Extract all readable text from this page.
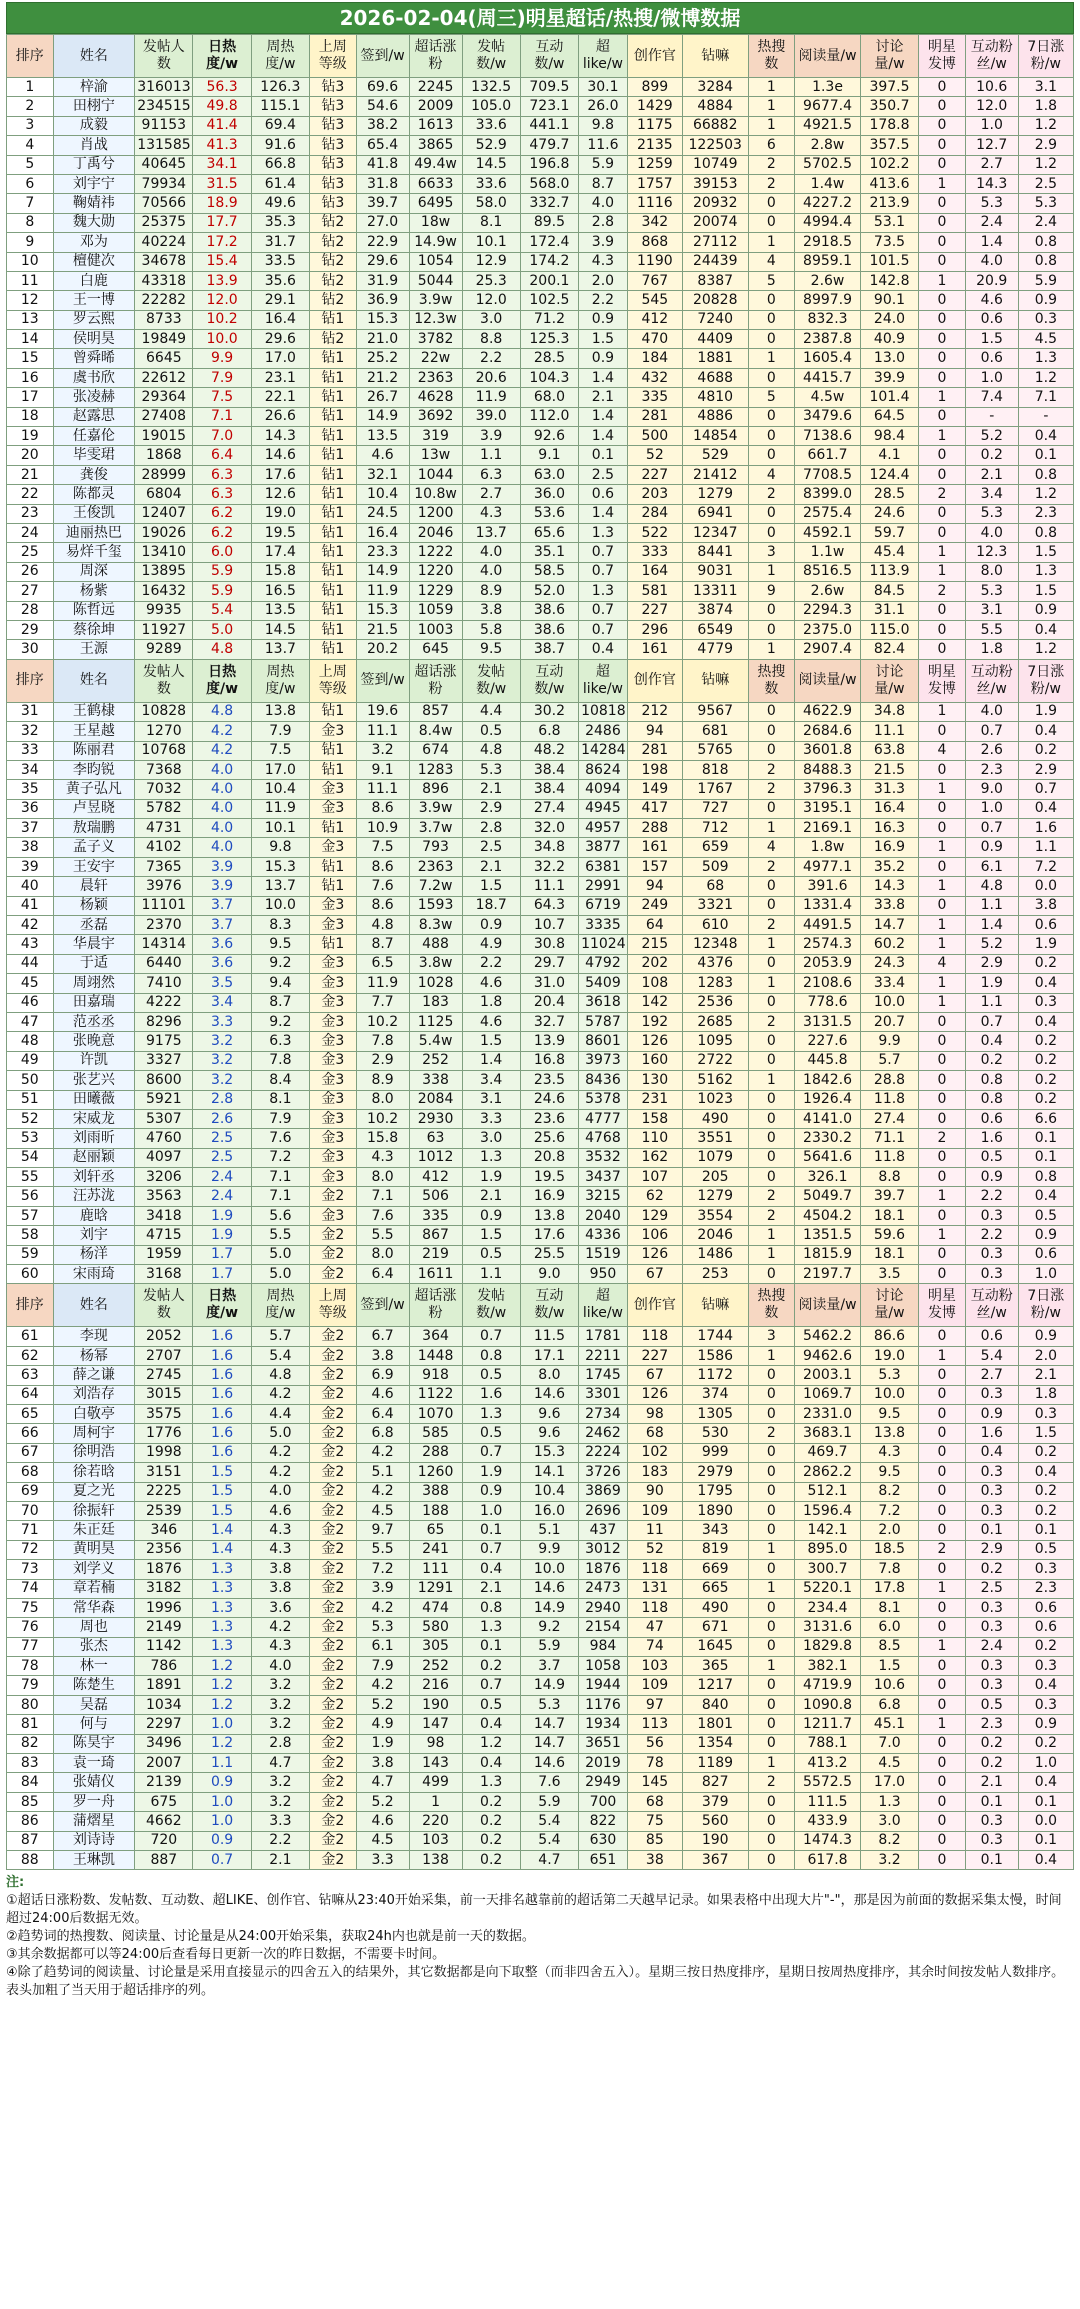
2026-02-04(周三)明星超话/热搜/微博数据
排序	姓名	发帖人数	日热度/w	周热度/w	上周等级	签到/w	超话涨粉	发帖数/w	互动数/w	超like/w	创作官	钻嘛	热搜数	阅读量/w	讨论量/w	明星发博	互动粉丝/w	7日涨粉/w
1	梓渝	316013	56.3	126.3	钻3	69.6	2245	132.5	709.5	30.1	899	3284	1	1.3e	397.5	0	10.6	3.1
2	田栩宁	234515	49.8	115.1	钻3	54.6	2009	105.0	723.1	26.0	1429	4884	1	9677.4	350.7	0	12.0	1.8
3	成毅	91153	41.4	69.4	钻3	38.2	1613	33.6	441.1	9.8	1175	66882	1	4921.5	178.8	0	1.0	1.2
4	肖战	131585	41.3	91.6	钻3	65.4	3865	52.9	479.7	11.6	2135	122503	6	2.8w	357.5	0	12.7	2.9
5	丁禹兮	40645	34.1	66.8	钻3	41.8	49.4w	14.5	196.8	5.9	1259	10749	2	5702.5	102.2	0	2.7	1.2
6	刘宇宁	79934	31.5	61.4	钻3	31.8	6633	33.6	568.0	8.7	1757	39153	2	1.4w	413.6	1	14.3	2.5
7	鞠婧祎	70566	18.9	49.6	钻3	39.7	6495	58.0	332.7	4.0	1116	20932	0	4227.2	213.9	0	5.3	5.3
8	魏大勋	25375	17.7	35.3	钻2	27.0	18w	8.1	89.5	2.8	342	20074	0	4994.4	53.1	0	2.4	2.4
9	邓为	40224	17.2	31.7	钻2	22.9	14.9w	10.1	172.4	3.9	868	27112	1	2918.5	73.5	0	1.4	0.8
10	檀健次	34678	15.4	33.5	钻2	29.6	1054	12.9	174.2	4.3	1190	24439	4	8959.1	101.5	0	4.0	0.8
11	白鹿	43318	13.9	35.6	钻2	31.9	5044	25.3	200.1	2.0	767	8387	5	2.6w	142.8	1	20.9	5.9
12	王一博	22282	12.0	29.1	钻2	36.9	3.9w	12.0	102.5	2.2	545	20828	0	8997.9	90.1	0	4.6	0.9
13	罗云熙	8733	10.2	16.4	钻1	15.3	12.3w	3.0	71.2	0.9	412	7240	0	832.3	24.0	0	0.6	0.3
14	侯明昊	19849	10.0	29.6	钻2	21.0	3782	8.8	125.3	1.5	470	4409	0	2387.8	40.9	0	1.5	4.5
15	曾舜晞	6645	9.9	17.0	钻1	25.2	22w	2.2	28.5	0.9	184	1881	1	1605.4	13.0	0	0.6	1.3
16	虞书欣	22612	7.9	23.1	钻1	21.2	2363	20.6	104.3	1.4	432	4688	0	4415.7	39.9	0	1.0	1.2
17	张凌赫	29364	7.5	22.1	钻1	26.7	4628	11.9	68.0	2.1	335	4810	5	4.5w	101.4	1	7.4	7.1
18	赵露思	27408	7.1	26.6	钻1	14.9	3692	39.0	112.0	1.4	281	4886	0	3479.6	64.5	0	-	-
19	任嘉伦	19015	7.0	14.3	钻1	13.5	319	3.9	92.6	1.4	500	14854	0	7138.6	98.4	1	5.2	0.4
20	毕雯珺	1868	6.4	14.6	钻1	4.6	13w	1.1	9.1	0.1	52	529	0	661.7	4.1	0	0.2	0.1
21	龚俊	28999	6.3	17.6	钻1	32.1	1044	6.3	63.0	2.5	227	21412	4	7708.5	124.4	0	2.1	0.8
22	陈都灵	6804	6.3	12.6	钻1	10.4	10.8w	2.7	36.0	0.6	203	1279	2	8399.0	28.5	2	3.4	1.2
23	王俊凯	12407	6.2	19.0	钻1	24.5	1200	4.3	53.6	1.4	284	6941	0	2575.4	24.6	0	5.3	2.3
24	迪丽热巴	19026	6.2	19.5	钻1	16.4	2046	13.7	65.6	1.3	522	12347	0	4592.1	59.7	0	4.0	0.8
25	易烊千玺	13410	6.0	17.4	钻1	23.3	1222	4.0	35.1	0.7	333	8441	3	1.1w	45.4	1	12.3	1.5
26	周深	13895	5.9	15.8	钻1	14.9	1220	4.0	58.5	0.7	164	9031	1	8516.5	113.9	1	8.0	1.3
27	杨紫	16432	5.9	16.5	钻1	11.9	1229	8.9	52.0	1.3	581	13311	9	2.6w	84.5	2	5.3	1.5
28	陈哲远	9935	5.4	13.5	钻1	15.3	1059	3.8	38.6	0.7	227	3874	0	2294.3	31.1	0	3.1	0.9
29	蔡徐坤	11927	5.0	14.5	钻1	21.5	1003	5.8	38.6	0.7	296	6549	0	2375.0	115.0	0	5.5	0.4
30	王源	9289	4.8	13.7	钻1	20.2	645	9.5	38.7	0.4	161	4779	1	2907.4	82.4	0	1.8	1.2
排序	姓名	发帖人数	日热度/w	周热度/w	上周等级	签到/w	超话涨粉	发帖数/w	互动数/w	超like/w	创作官	钻嘛	热搜数	阅读量/w	讨论量/w	明星发博	互动粉丝/w	7日涨粉/w
31	王鹤棣	10828	4.8	13.8	钻1	19.6	857	4.4	30.2	10818	212	9567	0	4622.9	34.8	1	4.0	1.9
32	王星越	1270	4.2	7.9	金3	11.1	8.4w	0.5	6.8	2486	94	681	0	2684.6	11.1	0	0.7	0.4
33	陈丽君	10768	4.2	7.5	钻1	3.2	674	4.8	48.2	14284	281	5765	0	3601.8	63.8	4	2.6	0.2
34	李昀锐	7368	4.0	17.0	钻1	9.1	1283	5.3	38.4	8624	198	818	2	8488.3	21.5	0	2.3	2.9
35	黄子弘凡	7032	4.0	10.4	金3	11.1	896	2.1	38.4	4094	149	1767	2	3796.3	31.3	1	9.0	0.7
36	卢昱晓	5782	4.0	11.9	金3	8.6	3.9w	2.9	27.4	4945	417	727	0	3195.1	16.4	0	1.0	0.4
37	敖瑞鹏	4731	4.0	10.1	钻1	10.9	3.7w	2.8	32.0	4957	288	712	1	2169.1	16.3	0	0.7	1.6
38	孟子义	4102	4.0	9.8	金3	7.5	793	2.5	34.8	3877	161	659	4	1.8w	16.9	1	0.9	1.1
39	王安宇	7365	3.9	15.3	钻1	8.6	2363	2.1	32.2	6381	157	509	2	4977.1	35.2	0	6.1	7.2
40	晨轩	3976	3.9	13.7	钻1	7.6	7.2w	1.5	11.1	2991	94	68	0	391.6	14.3	1	4.8	0.0
41	杨颖	11101	3.7	10.0	金3	8.6	1593	18.7	64.3	6719	249	3321	0	1331.4	33.8	0	1.1	3.8
42	丞磊	2370	3.7	8.3	金3	4.8	8.3w	0.9	10.7	3335	64	610	2	4491.5	14.7	1	1.4	0.6
43	华晨宇	14314	3.6	9.5	钻1	8.7	488	4.9	30.8	11024	215	12348	1	2574.3	60.2	1	5.2	1.9
44	于适	6440	3.6	9.2	金3	6.5	3.8w	2.2	29.7	4792	202	4376	0	2053.9	24.3	4	2.9	0.2
45	周翊然	7410	3.5	9.4	金3	11.9	1028	4.6	31.0	5409	108	1283	1	2108.6	33.4	1	1.9	0.4
46	田嘉瑞	4222	3.4	8.7	金3	7.7	183	1.8	20.4	3618	142	2536	0	778.6	10.0	1	1.1	0.3
47	范丞丞	8296	3.3	9.2	金3	10.2	1125	4.6	32.7	5787	192	2685	2	3131.5	20.7	0	0.7	0.4
48	张晚意	9175	3.2	6.3	金3	7.8	5.4w	1.5	13.9	8601	126	1095	0	227.6	9.9	0	0.4	0.2
49	许凯	3327	3.2	7.8	金3	2.9	252	1.4	16.8	3973	160	2722	0	445.8	5.7	0	0.2	0.2
50	张艺兴	8600	3.2	8.4	金3	8.9	338	3.4	23.5	8436	130	5162	1	1842.6	28.8	0	0.8	0.2
51	田曦薇	5921	2.8	8.1	金3	8.0	2084	3.1	24.6	5378	231	1023	0	1926.4	11.8	0	0.8	0.2
52	宋威龙	5307	2.6	7.9	金3	10.2	2930	3.3	23.6	4777	158	490	0	4141.0	27.4	0	0.6	6.6
53	刘雨昕	4760	2.5	7.6	金3	15.8	63	3.0	25.6	4768	110	3551	0	2330.2	71.1	2	1.6	0.1
54	赵丽颖	4097	2.5	7.2	金3	4.3	1012	1.3	20.8	3532	162	1079	0	5641.6	11.8	0	0.5	0.1
55	刘轩丞	3206	2.4	7.1	金3	8.0	412	1.9	19.5	3437	107	205	0	326.1	8.8	0	0.9	0.8
56	汪苏泷	3563	2.4	7.1	金2	7.1	506	2.1	16.9	3215	62	1279	2	5049.7	39.7	1	2.2	0.4
57	鹿晗	3418	1.9	5.6	金3	7.6	335	0.9	13.8	2040	129	3554	2	4504.2	18.1	0	0.3	0.5
58	刘宇	4715	1.9	5.5	金2	5.5	867	1.5	17.6	4336	106	2046	1	1351.5	59.6	1	2.2	0.9
59	杨洋	1959	1.7	5.0	金2	8.0	219	0.5	25.5	1519	126	1486	1	1815.9	18.1	0	0.3	0.6
60	宋雨琦	3168	1.7	5.0	金2	6.4	1611	1.1	9.0	950	67	253	0	2197.7	3.5	0	0.3	1.0
排序	姓名	发帖人数	日热度/w	周热度/w	上周等级	签到/w	超话涨粉	发帖数/w	互动数/w	超like/w	创作官	钻嘛	热搜数	阅读量/w	讨论量/w	明星发博	互动粉丝/w	7日涨粉/w
61	李现	2052	1.6	5.7	金2	6.7	364	0.7	11.5	1781	118	1744	3	5462.2	86.6	0	0.6	0.9
62	杨幂	2707	1.6	5.4	金2	3.8	1448	0.8	17.1	2211	227	1586	1	9462.6	19.0	1	5.4	2.0
63	薛之谦	2745	1.6	4.8	金2	6.9	918	0.5	8.0	1745	67	1172	0	2003.1	5.3	0	2.7	2.1
64	刘浩存	3015	1.6	4.2	金2	4.6	1122	1.6	14.6	3301	126	374	0	1069.7	10.0	0	0.3	1.8
65	白敬亭	3575	1.6	4.4	金2	6.4	1070	1.3	9.6	2734	98	1305	0	2331.0	9.5	0	0.9	0.3
66	周柯宇	1776	1.6	5.0	金2	6.8	585	0.5	9.6	2462	68	530	2	3683.1	13.8	0	1.6	1.5
67	徐明浩	1998	1.6	4.2	金2	4.2	288	0.7	15.3	2224	102	999	0	469.7	4.3	0	0.4	0.2
68	徐若晗	3151	1.5	4.2	金2	5.1	1260	1.9	14.1	3726	183	2979	0	2862.2	9.5	0	0.3	0.4
69	夏之光	2225	1.5	4.0	金2	4.2	388	0.9	10.4	3869	90	1795	0	512.1	8.2	0	0.3	0.2
70	徐振轩	2539	1.5	4.6	金2	4.5	188	1.0	16.0	2696	109	1890	0	1596.4	7.2	0	0.3	0.2
71	朱正廷	346	1.4	4.3	金2	9.7	65	0.1	5.1	437	11	343	0	142.1	2.0	0	0.1	0.1
72	黄明昊	2356	1.4	4.3	金2	5.5	241	0.7	9.9	3012	52	819	1	895.0	18.5	2	2.9	0.5
73	刘学义	1876	1.3	3.8	金2	7.2	111	0.4	10.0	1876	118	669	0	300.7	7.8	0	0.2	0.3
74	章若楠	3182	1.3	3.8	金2	3.9	1291	2.1	14.6	2473	131	665	1	5220.1	17.8	1	2.5	2.3
75	常华森	1996	1.3	3.6	金2	4.2	474	0.8	14.9	2940	118	490	0	234.4	8.1	0	0.3	0.6
76	周也	2149	1.3	4.2	金2	5.3	580	1.3	9.2	2154	47	671	0	3131.6	6.0	0	0.3	0.6
77	张杰	1142	1.3	4.3	金2	6.1	305	0.1	5.9	984	74	1645	0	1829.8	8.5	1	2.4	0.2
78	林一	786	1.2	4.0	金2	7.9	252	0.2	3.7	1058	103	365	1	382.1	1.5	0	0.3	0.3
79	陈楚生	1891	1.2	3.2	金2	4.2	216	0.7	14.9	1944	109	1217	0	4719.9	10.6	0	0.3	0.4
80	吴磊	1034	1.2	3.2	金2	5.2	190	0.5	5.3	1176	97	840	0	1090.8	6.8	0	0.5	0.3
81	何与	2297	1.0	3.2	金2	4.9	147	0.4	14.7	1934	113	1801	0	1211.7	45.1	1	2.3	0.9
82	陈昊宇	3496	1.2	2.8	金2	1.9	98	1.2	14.7	3651	56	1354	0	788.1	7.0	0	0.2	0.2
83	袁一琦	2007	1.1	4.7	金2	3.8	143	0.4	14.6	2019	78	1189	1	413.2	4.5	0	0.2	1.0
84	张婧仪	2139	0.9	3.2	金2	4.7	499	1.3	7.6	2949	145	827	2	5572.5	17.0	0	2.1	0.4
85	罗一舟	675	1.0	3.2	金2	5.2	1	0.2	5.9	700	68	379	0	111.5	1.3	0	0.1	0.1
86	蒲熠星	4662	1.0	3.3	金2	4.6	220	0.2	5.4	822	75	560	0	433.9	3.0	0	0.3	0.0
87	刘诗诗	720	0.9	2.2	金2	4.5	103	0.2	5.4	630	85	190	0	1474.3	8.2	0	0.3	0.1
88	王琳凯	887	0.7	2.1	金2	3.3	138	0.2	4.7	651	38	367	0	617.8	3.2	0	0.1	0.4
注:
①超话日涨粉数、发帖数、互动数、超LIKE、创作官、钻嘛从23:40开始采集，前一天排名越靠前的超话第二天越早记录。如果表格中出现大片"-"，那是因为前面的数据采集太慢，时间超过24:00后数据无效。
②趋势词的热搜数、阅读量、讨论量是从24:00开始采集，获取24h内也就是前一天的数据。
③其余数据都可以等24:00后查看每日更新一次的昨日数据，不需要卡时间。
④除了趋势词的阅读量、讨论量是采用直接显示的四舍五入的结果外，其它数据都是向下取整（而非四舍五入）。星期三按日热度排序，星期日按周热度排序，其余时间按发帖人数排序。表头加粗了当天用于超话排序的列。
